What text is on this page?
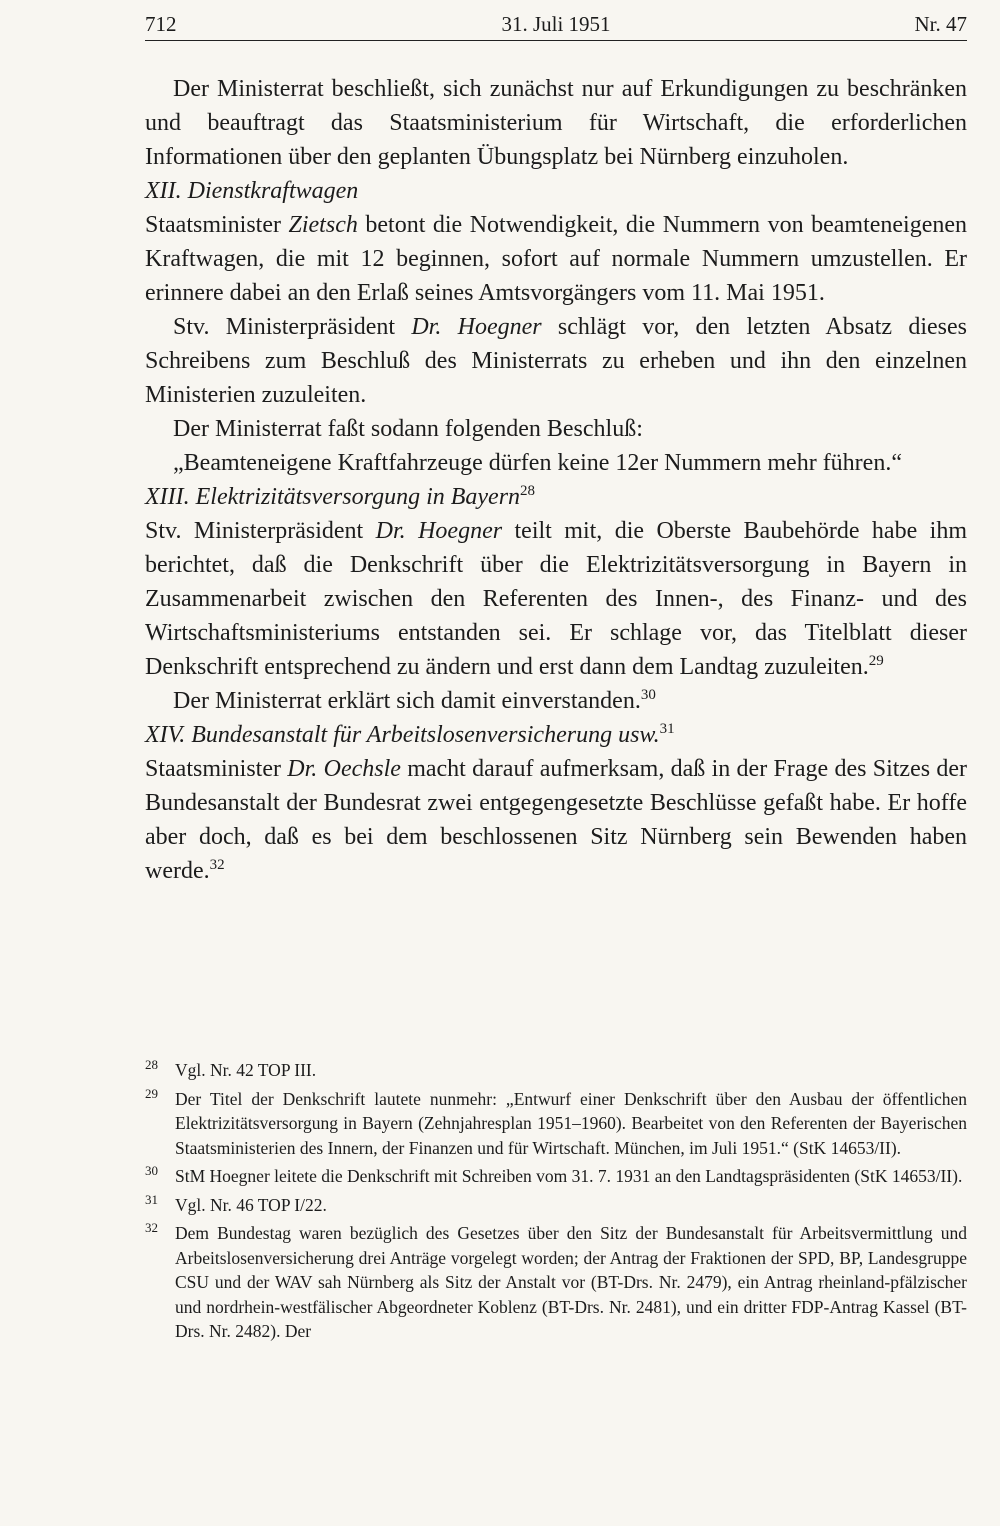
712	31. Juli 1951	Nr. 47

Der Ministerrat beschließt, sich zunächst nur auf Erkundigungen zu beschränken und beauftragt das Staatsministerium für Wirtschaft, die erforderlichen Informationen über den geplanten Übungsplatz bei Nürnberg einzuholen.

XII. Dienstkraftwagen

Staatsminister Zietsch betont die Notwendigkeit, die Nummern von beamteneigenen Kraftwagen, die mit 12 beginnen, sofort auf normale Nummern umzustellen. Er erinnere dabei an den Erlaß seines Amtsvorgängers vom 11. Mai 1951.

Stv. Ministerpräsident Dr. Hoegner schlägt vor, den letzten Absatz dieses Schreibens zum Beschluß des Ministerrats zu erheben und ihn den einzelnen Ministerien zuzuleiten.

Der Ministerrat faßt sodann folgenden Beschluß:

„Beamteneigene Kraftfahrzeuge dürfen keine 12er Nummern mehr führen.“

XIII. Elektrizitätsversorgung in Bayern$^{28}$

Stv. Ministerpräsident Dr. Hoegner teilt mit, die Oberste Baubehörde habe ihm berichtet, daß die Denkschrift über die Elektrizitätsversorgung in Bayern in Zusammenarbeit zwischen den Referenten des Innen-, des Finanz- und des Wirtschaftsministeriums entstanden sei. Er schlage vor, das Titelblatt dieser Denkschrift entsprechend zu ändern und erst dann dem Landtag zuzuleiten.$^{29}$

Der Ministerrat erklärt sich damit einverstanden.$^{30}$

XIV. Bundesanstalt für Arbeitslosenversicherung usw.$^{31}$

Staatsminister Dr. Oechsle macht darauf aufmerksam, daß in der Frage des Sitzes der Bundesanstalt der Bundesrat zwei entgegengesetzte Beschlüsse gefaßt habe. Er hoffe aber doch, daß es bei dem beschlossenen Sitz Nürnberg sein Bewenden haben werde.$^{32}$

28 Vgl. Nr. 42 TOP III.
29 Der Titel der Denkschrift lautete nunmehr: „Entwurf einer Denkschrift über den Ausbau der öffentlichen Elektrizitätsversorgung in Bayern (Zehnjahresplan 1951–1960). Bearbeitet von den Referenten der Bayerischen Staatsministerien des Innern, der Finanzen und für Wirtschaft. München, im Juli 1951.“ (StK 14653/II).
30 StM Hoegner leitete die Denkschrift mit Schreiben vom 31. 7. 1931 an den Landtagspräsidenten (StK 14653/II).
31 Vgl. Nr. 46 TOP I/22.
32 Dem Bundestag waren bezüglich des Gesetzes über den Sitz der Bundesanstalt für Arbeitsvermittlung und Arbeitslosenversicherung drei Anträge vorgelegt worden; der Antrag der Fraktionen der SPD, BP, Landesgruppe CSU und der WAV sah Nürnberg als Sitz der Anstalt vor (BT-Drs. Nr. 2479), ein Antrag rheinland-pfälzischer und nordrhein-westfälischer Abgeordneter Koblenz (BT-Drs. Nr. 2481), und ein dritter FDP-Antrag Kassel (BT-Drs. Nr. 2482). Der
